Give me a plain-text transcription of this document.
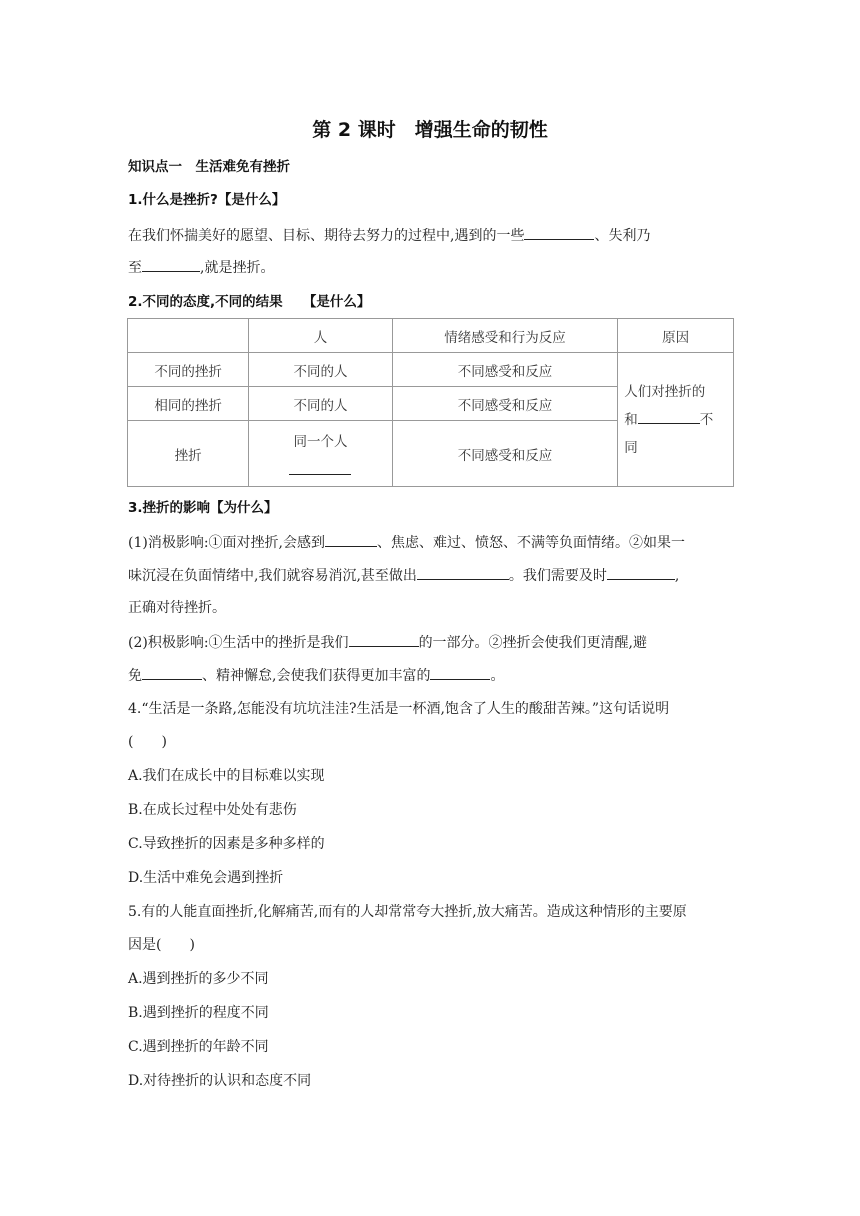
第 2 课时　增强生命的韧性
知识点一　生活难免有挫折
1.什么是挫折?【是什么】
在我们怀揣美好的愿望、目标、期待去努力的过程中,遇到的一些	、失利乃
至	,就是挫折。
2.不同的态度,不同的结果　　【是什么】
	人	情绪感受和行为反应	原因
不同的挫折	不同的人	不同感受和反应	人们对挫折的
和 不
同

相同的挫折	不同的人	不同感受和反应	
挫折	同一个人	不同感受和反应	
3.挫折的影响【为什么】
(1)消极影响:①面对挫折,会感到	、焦虑、难过、愤怒、不满等负面情绪。②如果一
味沉浸在负面情绪中,我们就容易消沉,甚至做出	。我们需要及时	,
正确对待挫折。
(2)积极影响:①生活中的挫折是我们	的一部分。②挫折会使我们更清醒,避
免	、精神懈怠,会使我们获得更加丰富的	。
4.“生活是一条路,怎能没有坑坑洼洼?生活是一杯酒,饱含了人生的酸甜苦辣。”这句话说明
(　　)
A.我们在成长中的目标难以实现
B.在成长过程中处处有悲伤
C.导致挫折的因素是多种多样的
D.生活中难免会遇到挫折
5.有的人能直面挫折,化解痛苦,而有的人却常常夸大挫折,放大痛苦。造成这种情形的主要原
因是(　　)
A.遇到挫折的多少不同
B.遇到挫折的程度不同
C.遇到挫折的年龄不同
D.对待挫折的认识和态度不同
